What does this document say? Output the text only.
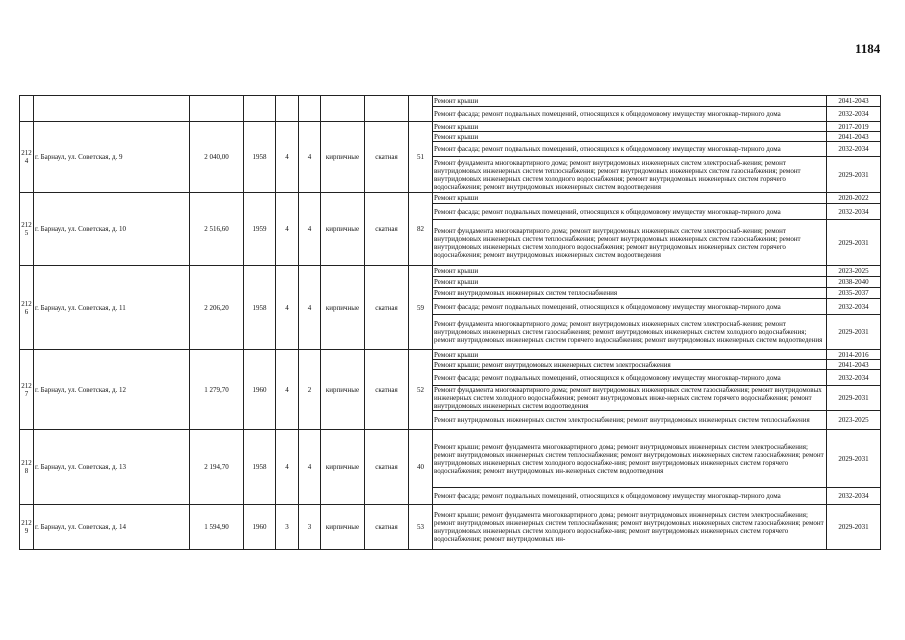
1184
									Ремонт крыши	2041-2043
									Ремонт фасада; ремонт подвальных помещений, относящихся к общедомовому имуществу многоквар-тирного дома	2032-2034
212 4	г. Барнаул, ул. Советская, д. 9	2 040,00	1958	4	4	кирпичные	скатная	51	Ремонт крыши	2017-2019
									Ремонт крыши	2041-2043
									Ремонт фасада; ремонт подвальных помещений, относящихся к общедомовому имуществу многоквар-тирного дома	2032-2034
									Ремонт фундамента многоквартирного дома; ремонт внутридомовых инженерных систем электроснаб-жения; ремонт внутридомовых инженерных систем теплоснабжения; ремонт внутридомовых инженерных систем газоснабжения; ремонт внутридомовых инженерных систем холодного водоснабжения; ремонт внутридомовых инженерных систем горячего водоснабжения; ремонт внутридомовых инженерных систем водоотведения	2029-2031
212 5	г. Барнаул, ул. Советская, д. 10	2 516,60	1959	4	4	кирпичные	скатная	82	Ремонт крыши	2020-2022
									Ремонт фасада; ремонт подвальных помещений, относящихся к общедомовому имуществу многоквар-тирного дома	2032-2034
									Ремонт фундамента многоквартирного дома; ремонт внутридомовых инженерных систем электроснаб-жения; ремонт внутридомовых инженерных систем теплоснабжения; ремонт внутридомовых инженерных систем газоснабжения; ремонт внутридомовых инженерных систем холодного водоснабжения; ремонт внутридомовых инженерных систем горячего водоснабжения; ремонт внутридомовых инженерных систем водоотведения	2029-2031
212 6	г. Барнаул, ул. Советская, д. 11	2 206,20	1958	4	4	кирпичные	скатная	59	Ремонт крыши	2023-2025
									Ремонт крыши	2038-2040
									Ремонт внутридомовых инженерных систем теплоснабжения	2035-2037
									Ремонт фасада; ремонт подвальных помещений, относящихся к общедомовому имуществу многоквар-тирного дома	2032-2034
									Ремонт фундамента многоквартирного дома; ремонт внутридомовых инженерных систем электроснаб-жения; ремонт внутридомовых инженерных систем газоснабжения; ремонт внутридомовых инженерных систем холодного водоснабжения; ремонт внутридомовых инженерных систем горячего водоснабжения; ремонт внутридомовых инженерных систем водоотведения	2029-2031
212 7	г. Барнаул, ул. Советская, д. 12	1 279,70	1960	4	2	кирпичные	скатная	52	Ремонт крыши	2014-2016
									Ремонт крыши; ремонт внутридомовых инженерных систем электроснабжения	2041-2043
									Ремонт фасада; ремонт подвальных помещений, относящихся к общедомовому имуществу многоквар-тирного дома	2032-2034
									Ремонт фундамента многоквартирного дома; ремонт внутридомовых инженерных систем газоснабжения; ремонт внутридомовых инженерных систем холодного водоснабжения; ремонт внутридомовых инже-нерных систем горячего водоснабжения; ремонт внутридомовых инженерных систем водоотведения	2029-2031
									Ремонт внутридомовых инженерных систем электроснабжения; ремонт внутридомовых инженерных систем теплоснабжения	2023-2025
212 8	г. Барнаул, ул. Советская, д. 13	2 194,70	1958	4	4	кирпичные	скатная	40	Ремонт крыши; ремонт фундамента многоквартирного дома; ремонт внутридомовых инженерных систем электроснабжения; ремонт внутридомовых инженерных систем теплоснабжения; ремонт внутридомовых инженерных систем газоснабжения; ремонт внутридомовых инженерных систем холодного водоснабже-ния; ремонт внутридомовых инженерных систем горячего водоснабжения; ремонт внутридомовых ин-женерных систем водоотведения	2029-2031
									Ремонт фасада; ремонт подвальных помещений, относящихся к общедомовому имуществу многоквар-тирного дома	2032-2034
212 9	г. Барнаул, ул. Советская, д. 14	1 594,90	1960	3	3	кирпичные	скатная	53	Ремонт крыши; ремонт фундамента многоквартирного дома; ремонт внутридомовых инженерных систем электроснабжения; ремонт внутридомовых инженерных систем теплоснабжения; ремонт внутридомовых инженерных систем газоснабжения; ремонт внутридомовых инженерных систем холодного водоснабже-ния; ремонт внутридомовых инженерных систем горячего водоснабжения; ремонт внутридомовых ин-	2029-2031
